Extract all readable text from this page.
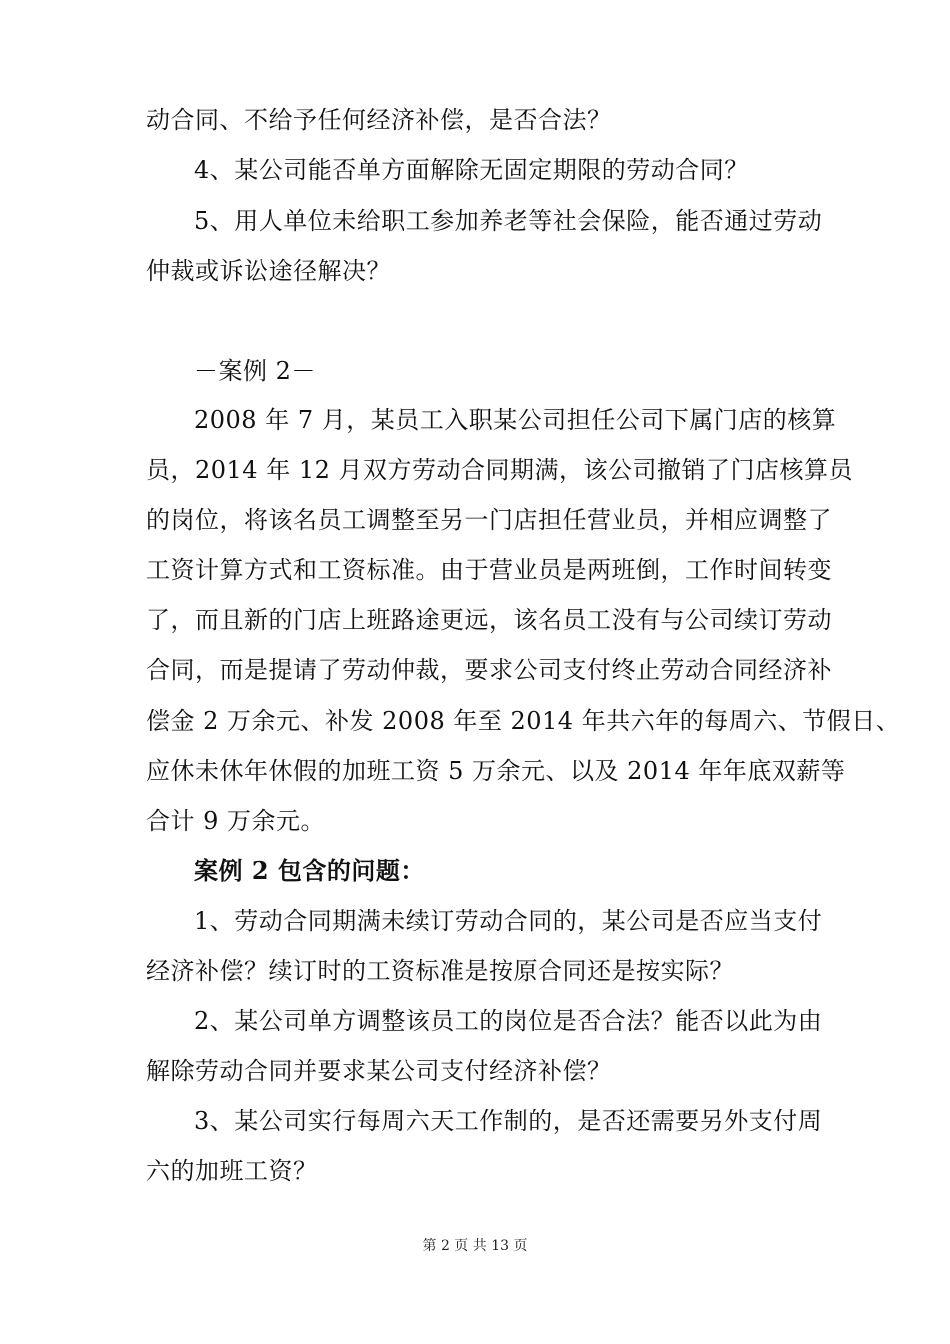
动合同、不给予任何经济补偿，是否合法？
4、某公司能否单方面解除无固定期限的劳动合同？
5、用人单位未给职工参加养老等社会保险，能否通过劳动
仲裁或诉讼途径解决？
－案例 2－
2008 年 7 月，某员工入职某公司担任公司下属门店的核算
员，2014 年 12 月双方劳动合同期满，该公司撤销了门店核算员
的岗位，将该名员工调整至另一门店担任营业员，并相应调整了
工资计算方式和工资标准。由于营业员是两班倒，工作时间转变
了，而且新的门店上班路途更远，该名员工没有与公司续订劳动
合同，而是提请了劳动仲裁，要求公司支付终止劳动合同经济补
偿金 2 万余元、补发 2008 年至 2014 年共六年的每周六、节假日、
应休未休年休假的加班工资 5 万余元、以及 2014 年年底双薪等
合计 9 万余元。
案例 2 包含的问题：
1、劳动合同期满未续订劳动合同的，某公司是否应当支付
经济补偿？续订时的工资标准是按原合同还是按实际？
2、某公司单方调整该员工的岗位是否合法？能否以此为由
解除劳动合同并要求某公司支付经济补偿？
3、某公司实行每周六天工作制的，是否还需要另外支付周
六的加班工资？
第 2 页 共 13 页
